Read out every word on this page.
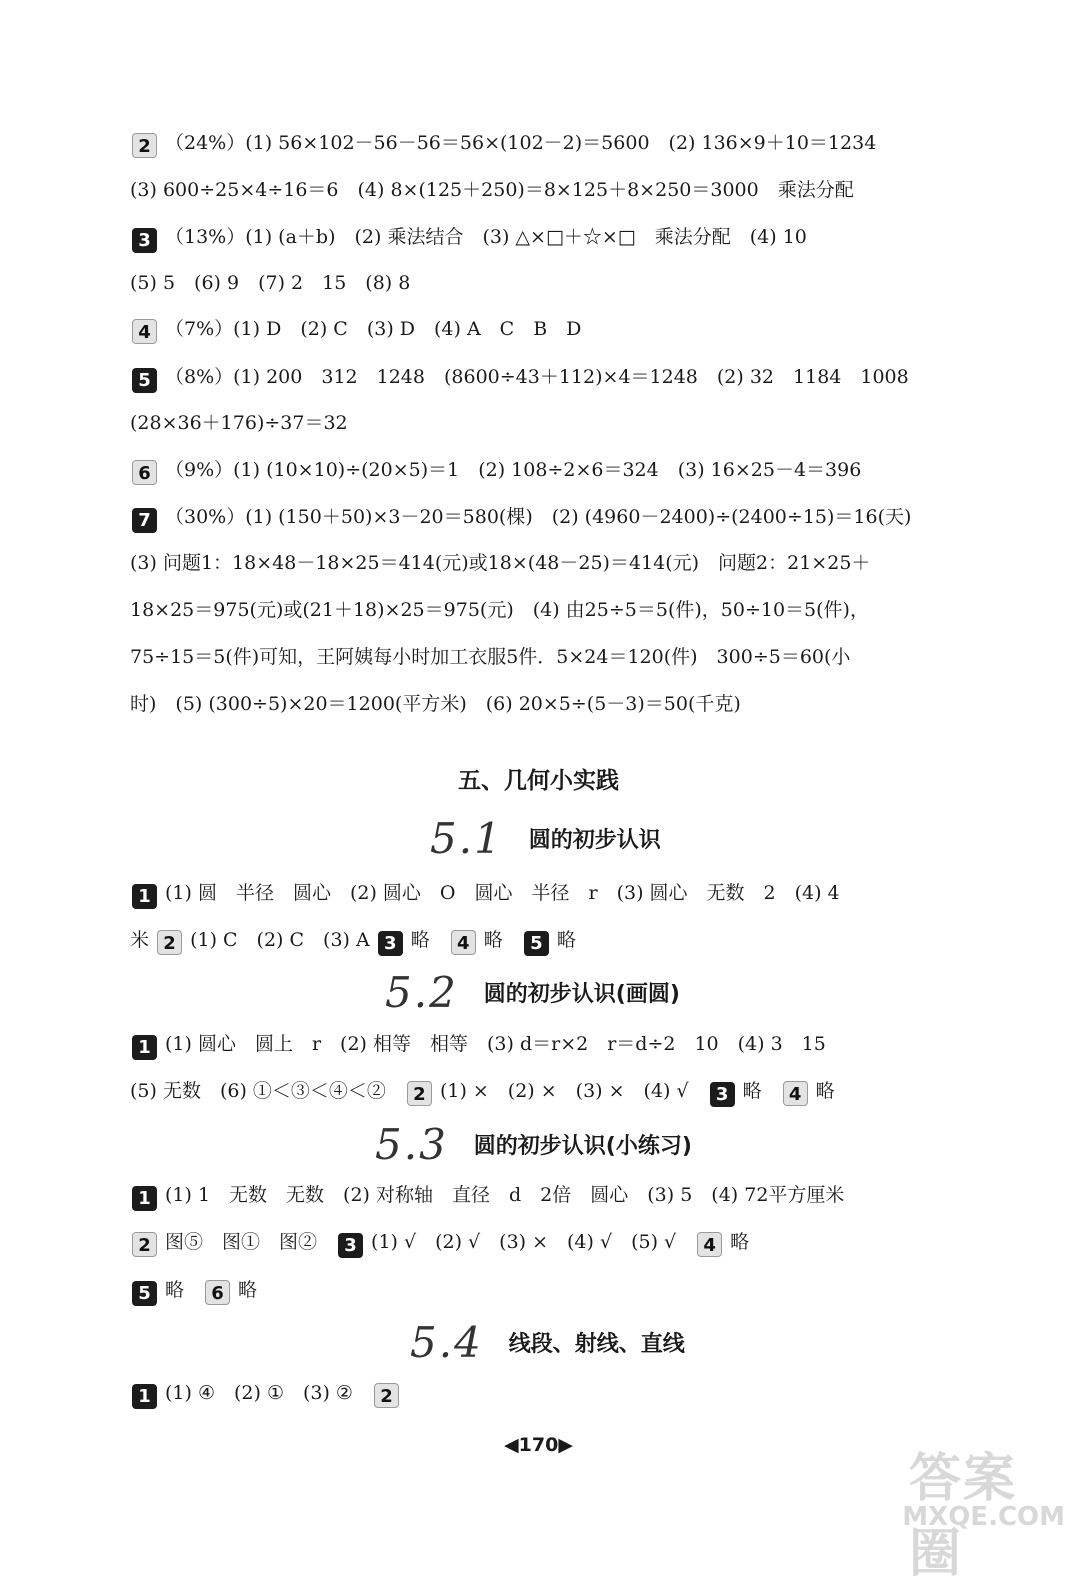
2 （24%）(1) 56×102－56－56＝56×(102－2)＝5600　(2) 136×9＋10＝1234
(3) 600÷25×4÷16＝6　(4) 8×(125＋250)＝8×125＋8×250＝3000　乘法分配
3 （13%）(1) (a＋b)　(2) 乘法结合　(3) △×□＋☆×□　乘法分配　(4) 10
(5) 5　(6) 9　(7) 2　15　(8) 8
4 （7%）(1) D　(2) C　(3) D　(4) A　C　B　D
5 （8%）(1) 200　312　1248　(8600÷43＋112)×4＝1248　(2) 32　1184　1008
(28×36＋176)÷37＝32
6 （9%）(1) (10×10)÷(20×5)＝1　(2) 108÷2×6＝324　(3) 16×25－4＝396
7 （30%）(1) (150＋50)×3－20＝580(棵)　(2) (4960－2400)÷(2400÷15)＝16(天)
(3) 问题1：18×48－18×25＝414(元)或18×(48－25)＝414(元)　问题2：21×25＋
18×25＝975(元)或(21＋18)×25＝975(元)　(4) 由25÷5＝5(件)，50÷10＝5(件)，
75÷15＝5(件)可知，王阿姨每小时加工衣服5件．5×24＝120(件)　300÷5＝60(小
时)　(5) (300÷5)×20＝1200(平方米)　(6) 20×5÷(5－3)＝50(千克)
五、几何小实践
5.1 圆的初步认识
1 (1) 圆　半径　圆心　(2) 圆心　O　圆心　半径　r　(3) 圆心　无数　2　(4) 4
米 2 (1) C　(2) C　(3) A 3 略　 4 略　 5 略
5.2 圆的初步认识(画圆)
1 (1) 圆心　圆上　r　(2) 相等　相等　(3) d＝r×2　r＝d÷2　10　(4) 3　15
(5) 无数　(6) ①＜③＜④＜②　 2 (1) ×　(2) ×　(3) ×　(4) √　 3 略　 4 略
5.3 圆的初步认识(小练习)
1 (1) 1　无数　无数　(2) 对称轴　直径　d　2倍　圆心　(3) 5　(4) 72平方厘米
2 图⑤　图①　图②　 3 (1) √　(2) √　(3) ×　(4) √　(5) √　 4 略
5 略　 6 略
5.4 线段、射线、直线
1 (1) ④　(2) ①　(3) ②　 2
◀170▶
答案圈
MXQE.COM
